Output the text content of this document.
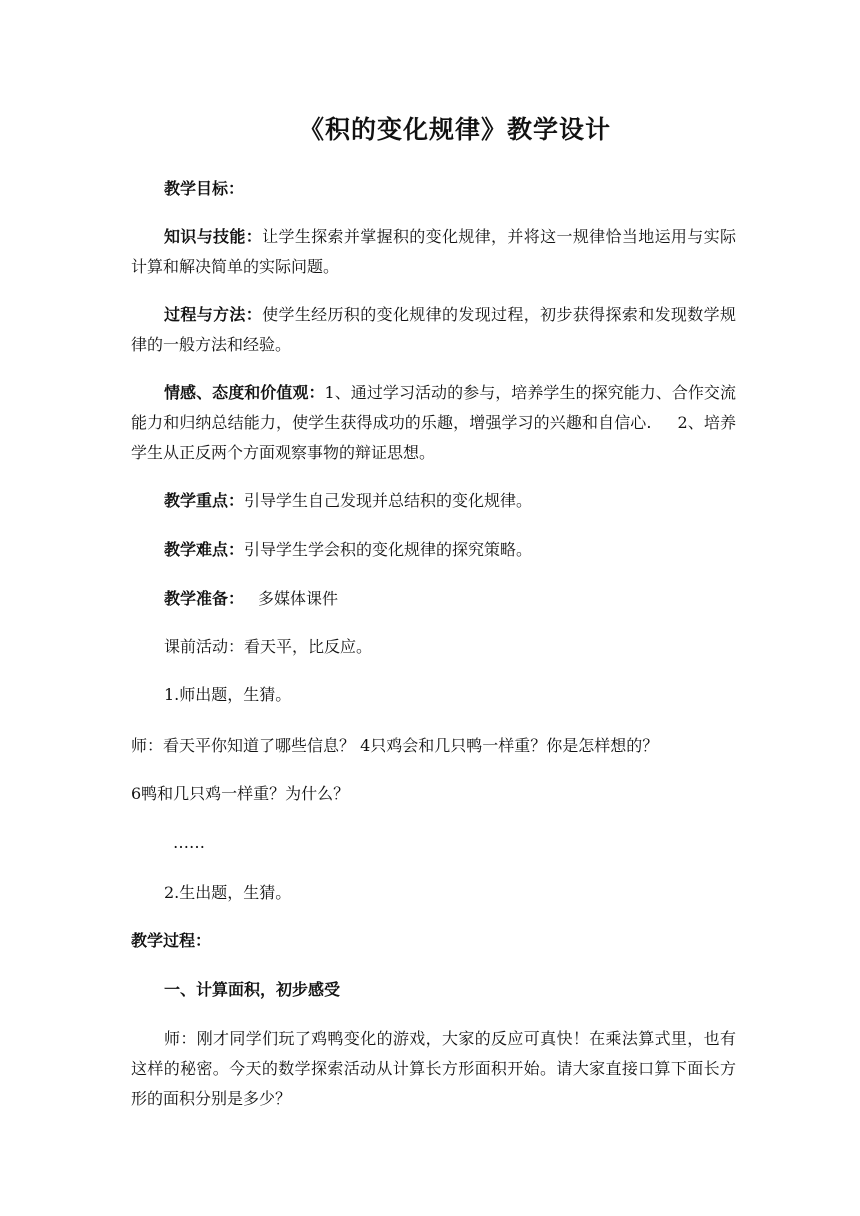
《积的变化规律》教学设计
教学目标：
知识与技能：让学生探索并掌握积的变化规律，并将这一规律恰当地运用与实际计算和解决简单的实际问题。
过程与方法：使学生经历积的变化规律的发现过程，初步获得探索和发现数学规律的一般方法和经验。
情感、态度和价值观：1、通过学习活动的参与，培养学生的探究能力、合作交流能力和归纳总结能力，使学生获得成功的乐趣，增强学习的兴趣和自信心. 2、培养学生从正反两个方面观察事物的辩证思想。
教学重点：引导学生自己发现并总结积的变化规律。
教学难点：引导学生学会积的变化规律的探究策略。
教学准备： 多媒体课件
课前活动：看天平，比反应。
1.师出题，生猜。
师：看天平你知道了哪些信息？ 4只鸡会和几只鸭一样重？你是怎样想的？
6鸭和几只鸡一样重？为什么？
……
2.生出题，生猜。
教学过程：
一、计算面积，初步感受
师：刚才同学们玩了鸡鸭变化的游戏，大家的反应可真快！在乘法算式里，也有这样的秘密。今天的数学探索活动从计算长方形面积开始。请大家直接口算下面长方形的面积分别是多少？
